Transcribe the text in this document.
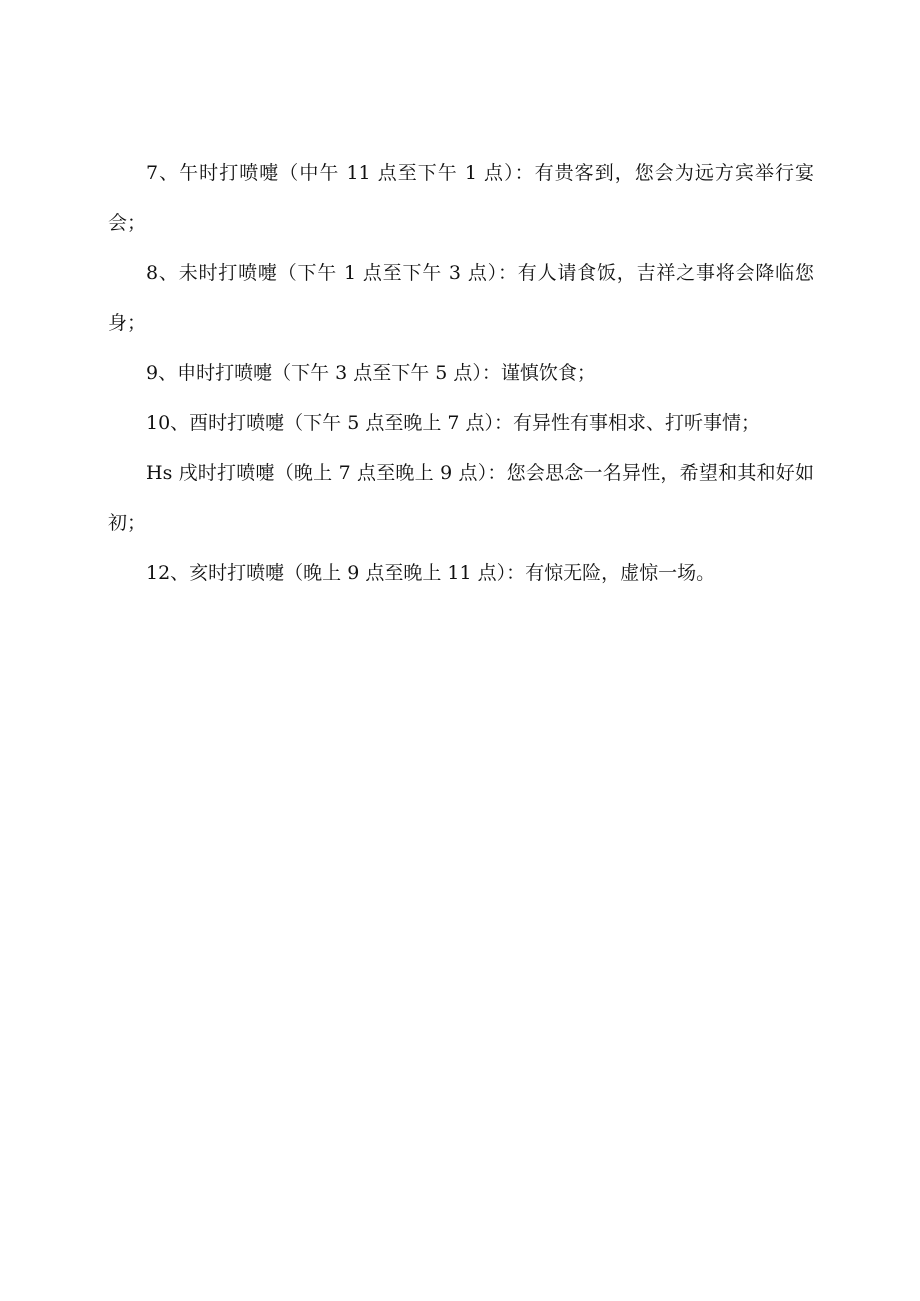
7、午时打喷嚏（中午 11 点至下午 1 点）：有贵客到，您会为远方宾举行宴会；

8、未时打喷嚏（下午 1 点至下午 3 点）：有人请食饭，吉祥之事将会降临您身；

9、申时打喷嚏（下午 3 点至下午 5 点）：谨慎饮食；

10、酉时打喷嚏（下午 5 点至晚上 7 点）：有异性有事相求、打听事情；

Hs 戌时打喷嚏（晚上 7 点至晚上 9 点）：您会思念一名异性，希望和其和好如初；

12、亥时打喷嚏（晚上 9 点至晚上 11 点）：有惊无险，虚惊一场。
